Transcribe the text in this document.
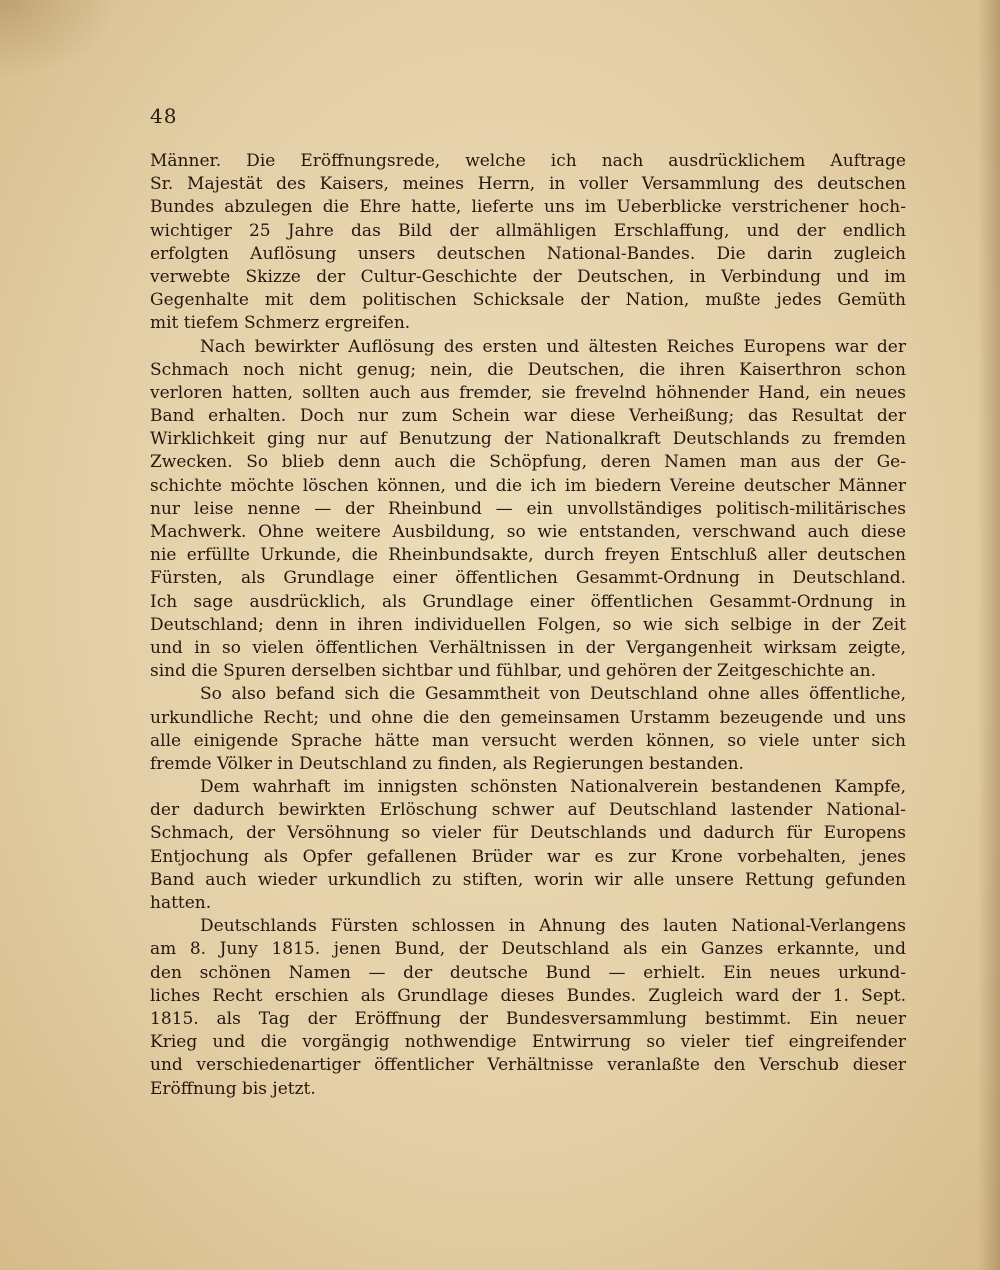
48
Männer. Die Eröffnungsrede, welche ich nach ausdrücklichem Auftrage
Sr. Majestät des Kaisers, meines Herrn, in voller Versammlung des deutschen
Bundes abzulegen die Ehre hatte, lieferte uns im Ueberblicke verstrichener hoch-
wichtiger 25 Jahre das Bild der allmähligen Erschlaffung, und der endlich
erfolgten Auflösung unsers deutschen National-Bandes. Die darin zugleich
verwebte Skizze der Cultur-Geschichte der Deutschen, in Verbindung und im
Gegenhalte mit dem politischen Schicksale der Nation, mußte jedes Gemüth
mit tiefem Schmerz ergreifen.
Nach bewirkter Auflösung des ersten und ältesten Reiches Europens war der
Schmach noch nicht genug; nein, die Deutschen, die ihren Kaiserthron schon
verloren hatten, sollten auch aus fremder, sie frevelnd höhnender Hand, ein neues
Band erhalten. Doch nur zum Schein war diese Verheißung; das Resultat der
Wirklichkeit ging nur auf Benutzung der Nationalkraft Deutschlands zu fremden
Zwecken. So blieb denn auch die Schöpfung, deren Namen man aus der Ge-
schichte möchte löschen können, und die ich im biedern Vereine deutscher Männer
nur leise nenne — der Rheinbund — ein unvollständiges politisch-militärisches
Machwerk. Ohne weitere Ausbildung, so wie entstanden, verschwand auch diese
nie erfüllte Urkunde, die Rheinbundsakte, durch freyen Entschluß aller deutschen
Fürsten, als Grundlage einer öffentlichen Gesammt-Ordnung in Deutschland.
Ich sage ausdrücklich, als Grundlage einer öffentlichen Gesammt-Ordnung in
Deutschland; denn in ihren individuellen Folgen, so wie sich selbige in der Zeit
und in so vielen öffentlichen Verhältnissen in der Vergangenheit wirksam zeigte,
sind die Spuren derselben sichtbar und fühlbar, und gehören der Zeitgeschichte an.
So also befand sich die Gesammtheit von Deutschland ohne alles öffentliche,
urkundliche Recht; und ohne die den gemeinsamen Urstamm bezeugende und uns
alle einigende Sprache hätte man versucht werden können, so viele unter sich
fremde Völker in Deutschland zu finden, als Regierungen bestanden.
Dem wahrhaft im innigsten schönsten Nationalverein bestandenen Kampfe,
der dadurch bewirkten Erlöschung schwer auf Deutschland lastender National-
Schmach, der Versöhnung so vieler für Deutschlands und dadurch für Europens
Entjochung als Opfer gefallenen Brüder war es zur Krone vorbehalten, jenes
Band auch wieder urkundlich zu stiften, worin wir alle unsere Rettung gefunden
hatten.
Deutschlands Fürsten schlossen in Ahnung des lauten National-Verlangens
am 8. Juny 1815. jenen Bund, der Deutschland als ein Ganzes erkannte, und
den schönen Namen — der deutsche Bund — erhielt. Ein neues urkund-
liches Recht erschien als Grundlage dieses Bundes. Zugleich ward der 1. Sept.
1815. als Tag der Eröffnung der Bundesversammlung bestimmt. Ein neuer
Krieg und die vorgängig nothwendige Entwirrung so vieler tief eingreifender
und verschiedenartiger öffentlicher Verhältnisse veranlaßte den Verschub dieser
Eröffnung bis jetzt.
